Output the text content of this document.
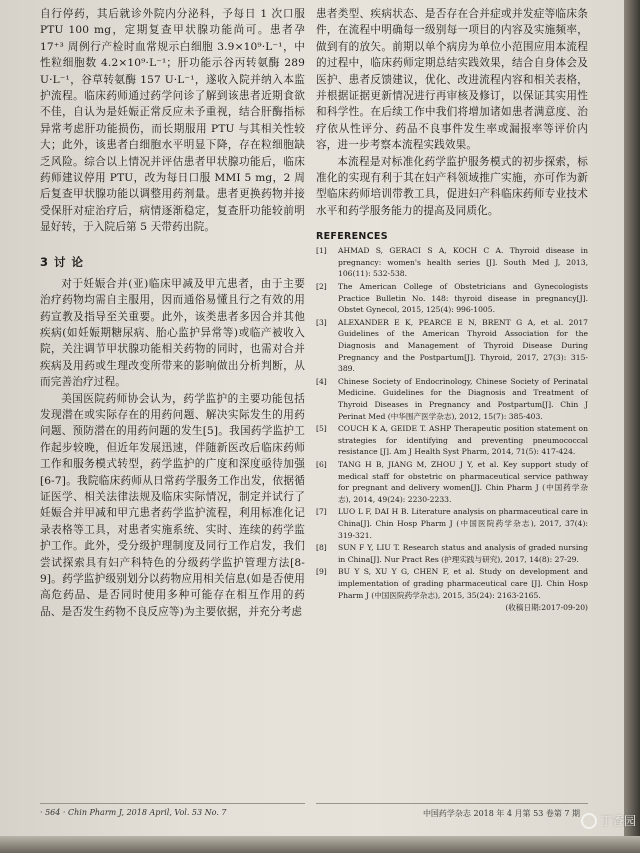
自行停药，其后就诊外院内分泌科，予每日 1 次口服 PTU 100 mg，定期复查甲状腺功能尚可。患者孕 17⁺³ 周例行产检时血常规示白细胞 3.9×10⁹·L⁻¹，中性粒细胞数 4.2×10⁹·L⁻¹；肝功能示谷丙转氨酶 289 U·L⁻¹，谷草转氨酶 157 U·L⁻¹，遂收入院并纳入本监护流程。临床药师通过药学问诊了解到该患者近期食欲不佳，自认为是妊娠正常反应未予重视，结合肝酶指标异常考虑肝功能损伤，而长期服用 PTU 与其相关性较大；此外，该患者白细胞水平明显下降，存在粒细胞缺乏风险。综合以上情况并评估患者甲状腺功能后，临床药师建议停用 PTU，改为每日口服 MMI 5 mg，2 周后复查甲状腺功能以调整用药剂量。患者更换药物并接受保肝对症治疗后，病情逐渐稳定，复查肝功能较前明显好转，于入院后第 5 天带药出院。

3 讨 论

对于妊娠合并(亚)临床甲减及甲亢患者，由于主要治疗药物均需自主服用，因而通俗易懂且行之有效的用药宣教及指导至关重要。此外，该类患者多因合并其他疾病(如妊娠期糖尿病、胎心监护异常等)或临产被收入院，关注调节甲状腺功能相关药物的同时，也需对合并疾病及用药或生理改变所带来的影响做出分析判断，从而完善治疗过程。

美国医院药师协会认为，药学监护的主要功能包括发现潜在或实际存在的用药问题、解决实际发生的用药问题、预防潜在的用药问题的发生[5]。我国药学监护工作起步较晚，但近年发展迅速，伴随新医改后临床药师工作和服务模式转型，药学监护的广度和深度亟待加强[6-7]。我院临床药师从日常药学服务工作出发，依据循证医学、相关法律法规及临床实际情况，制定并试行了妊娠合并甲减和甲亢患者药学监护流程，利用标准化记录表格等工具，对患者实施系统、实时、连续的药学监护工作。此外，受分级护理制度及同行工作启发，我们尝试探索具有妇产科特色的分级药学监护管理方法[8-9]。药学监护级别划分以药物应用相关信息(如是否使用高危药品、是否同时使用多种可能存在相互作用的药品、是否发生药物不良反应等)为主要依据，并充分考虑

患者类型、疾病状态、是否存在合并症或并发症等临床条件，在流程中明确每一级别每一项目的内容及实施频率，做到有的放矢。前期以单个病房为单位小范围应用本流程的过程中，临床药师定期总结实践效果，结合自身体会及医护、患者反馈建议，优化、改进流程内容和相关表格，并根据证据更新情况进行再审核及修订，以保证其实用性和科学性。在后续工作中我们将增加诸如患者满意度、治疗依从性评分、药品不良事件发生率或漏报率等评价内容，进一步考察本流程实践效果。

本流程是对标准化药学监护服务模式的初步探索，标准化的实现有利于其在妇产科领域推广实施，亦可作为新型临床药师培训带教工具，促进妇产科临床药师专业技术水平和药学服务能力的提高及同质化。

REFERENCES
[1]	AHMAD S, GERACI S A, KOCH C A. Thyroid disease in pregnancy: women's health series [J]. South Med J, 2013, 106(11): 532-538.
[2]	The American College of Obstetricians and Gynecologists Practice Bulletin No. 148: thyroid disease in pregnancy[J]. Obstet Gynecol, 2015, 125(4): 996-1005.
[3]	ALEXANDER E K, PEARCE E N, BRENT G A, et al. 2017 Guidelines of the American Thyroid Association for the Diagnosis and Management of Thyroid Disease During Pregnancy and the Postpartum[J]. Thyroid, 2017, 27(3): 315-389.
[4]	Chinese Society of Endocrinology, Chinese Society of Perinatal Medicine. Guidelines for the Diagnosis and Treatment of Thyroid Diseases in Pregnancy and Postpartum[J]. Chin J Perinat Med (中华围产医学杂志), 2012, 15(7): 385-403.
[5]	COUCH K A, GEIDE T. ASHP Therapeutic position statement on strategies for identifying and preventing pneumococcal resistance [J]. Am J Health Syst Pharm, 2014, 71(5): 417-424.
[6]	TANG H B, JIANG M, ZHOU J Y, et al. Key support study of medical staff for obstetric on pharmaceutical service pathway for pregnant and delivery women[J]. Chin Pharm J (中国药学杂志), 2014, 49(24): 2230-2233.
[7]	LUO L F, DAI H B. Literature analysis on pharmaceutical care in China[J]. Chin Hosp Pharm J (中国医院药学杂志), 2017, 37(4): 319-321.
[8]	SUN F Y, LIU T. Research status and analysis of graded nursing in China[J]. Nur Pract Res (护理实践与研究), 2017, 14(8): 27-29.
[9]	BU Y S, XU Y G, CHEN F, et al. Study on development and implementation of grading pharmaceutical care [J]. Chin Hosp Pharm J (中国医院药学杂志), 2015, 35(24): 2163-2165.
(收稿日期:2017-09-20)
· 564 · Chin Pharm J, 2018 April, Vol. 53 No. 7	中国药学杂志 2018 年 4 月第 53 卷第 7 期
丁香园
